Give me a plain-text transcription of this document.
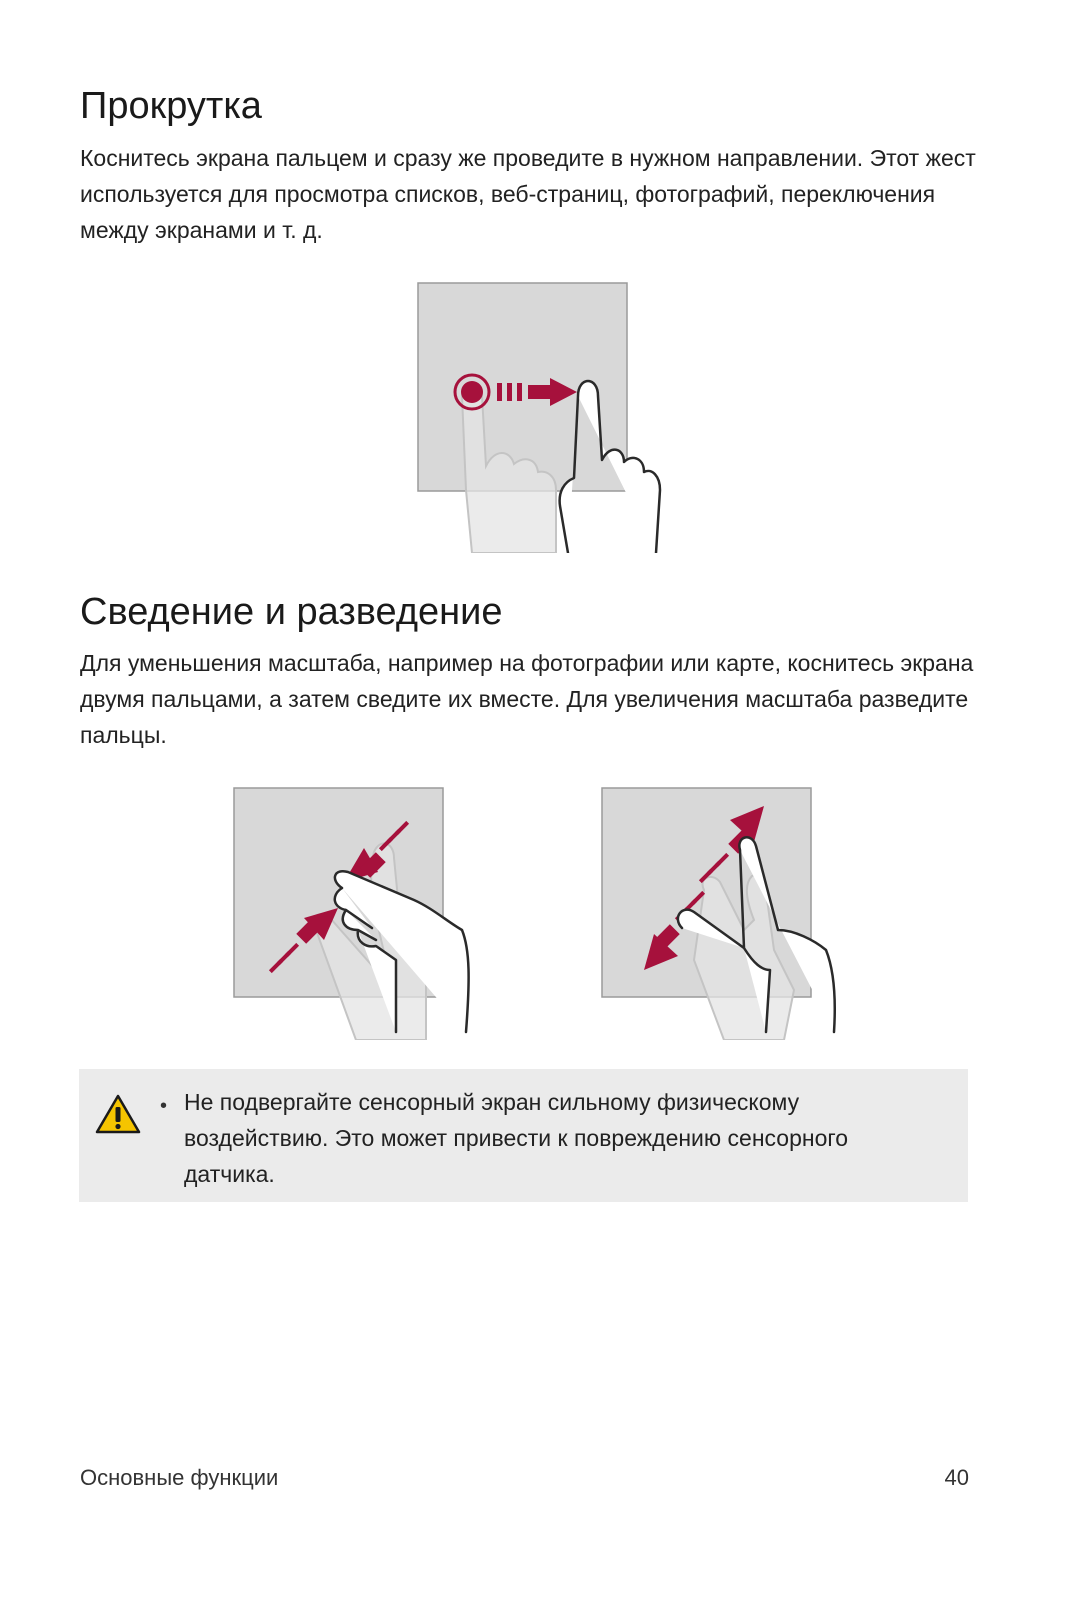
Прокрутка

Коснитесь экрана пальцем и сразу же проведите в нужном направлении. Этот жест используется для просмотра списков, веб-страниц, фотографий, переключения между экранами и т. д.

Сведение и разведение

Для уменьшения масштаба, например на фотографии или карте, коснитесь экрана двумя пальцами, а затем сведите их вместе. Для увеличения масштаба разведите пальцы.

• Не подвергайте сенсорный экран сильному физическому воздействию. Это может привести к повреждению сенсорного датчика.

Основные функции	40
